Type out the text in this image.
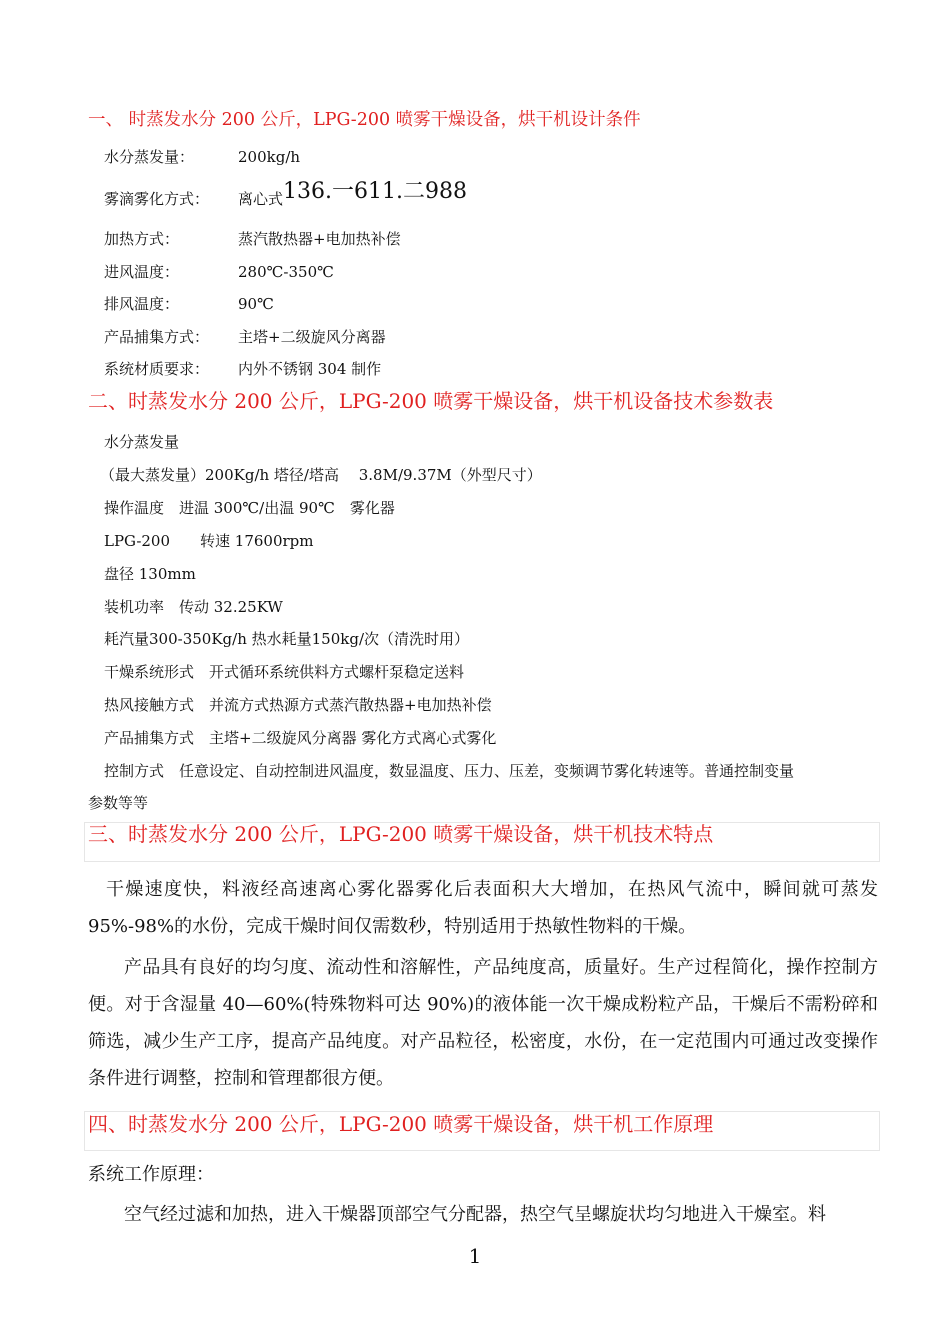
一、 时蒸发水分 200 公斤，LPG-200 喷雾干燥设备，烘干机设计条件
水分蒸发量：	200kg/h
雾滴雾化方式： 离心式136.一611.二988
加热方式：	蒸汽散热器+电加热补偿
进风温度：	280℃-350℃
排风温度：	90℃
产品捕集方式： 主塔+二级旋风分离器
系统材质要求： 内外不锈钢 304 制作
二、时蒸发水分 200 公斤，LPG-200 喷雾干燥设备，烘干机设备技术参数表
水分蒸发量
（最大蒸发量）200Kg/h 塔径/塔高　 3.8M/9.37M（外型尺寸）
操作温度　进温 300℃/出温 90℃　雾化器
LPG-200　　转速 17600rpm
盘径 130mm
装机功率　传动 32.25KW
耗汽量300-350Kg/h 热水耗量150kg/次（清洗时用）
干燥系统形式　开式循环系统供料方式螺杆泵稳定送料
热风接触方式　并流方式热源方式蒸汽散热器+电加热补偿
产品捕集方式　主塔+二级旋风分离器 雾化方式离心式雾化
控制方式　任意设定、自动控制进风温度，数显温度、压力、压差，变频调节雾化转速等。普通控制变量
参数等等
三、时蒸发水分 200 公斤，LPG-200 喷雾干燥设备，烘干机技术特点
干燥速度快，料液经高速离心雾化器雾化后表面积大大增加，在热风气流中，瞬间就可蒸发 95%-98%的水份，完成干燥时间仅需数秒，特别适用于热敏性物料的干燥。
产品具有良好的均匀度、流动性和溶解性，产品纯度高，质量好。生产过程简化，操作控制方便。对于含湿量 40—60%(特殊物料可达 90%)的液体能一次干燥成粉粒产品，干燥后不需粉碎和筛选，减少生产工序，提高产品纯度。对产品粒径，松密度，水份，在一定范围内可通过改变操作条件进行调整，控制和管理都很方便。
四、时蒸发水分 200 公斤，LPG-200 喷雾干燥设备，烘干机工作原理
系统工作原理：
空气经过滤和加热，进入干燥器顶部空气分配器，热空气呈螺旋状均匀地进入干燥室。料
1
